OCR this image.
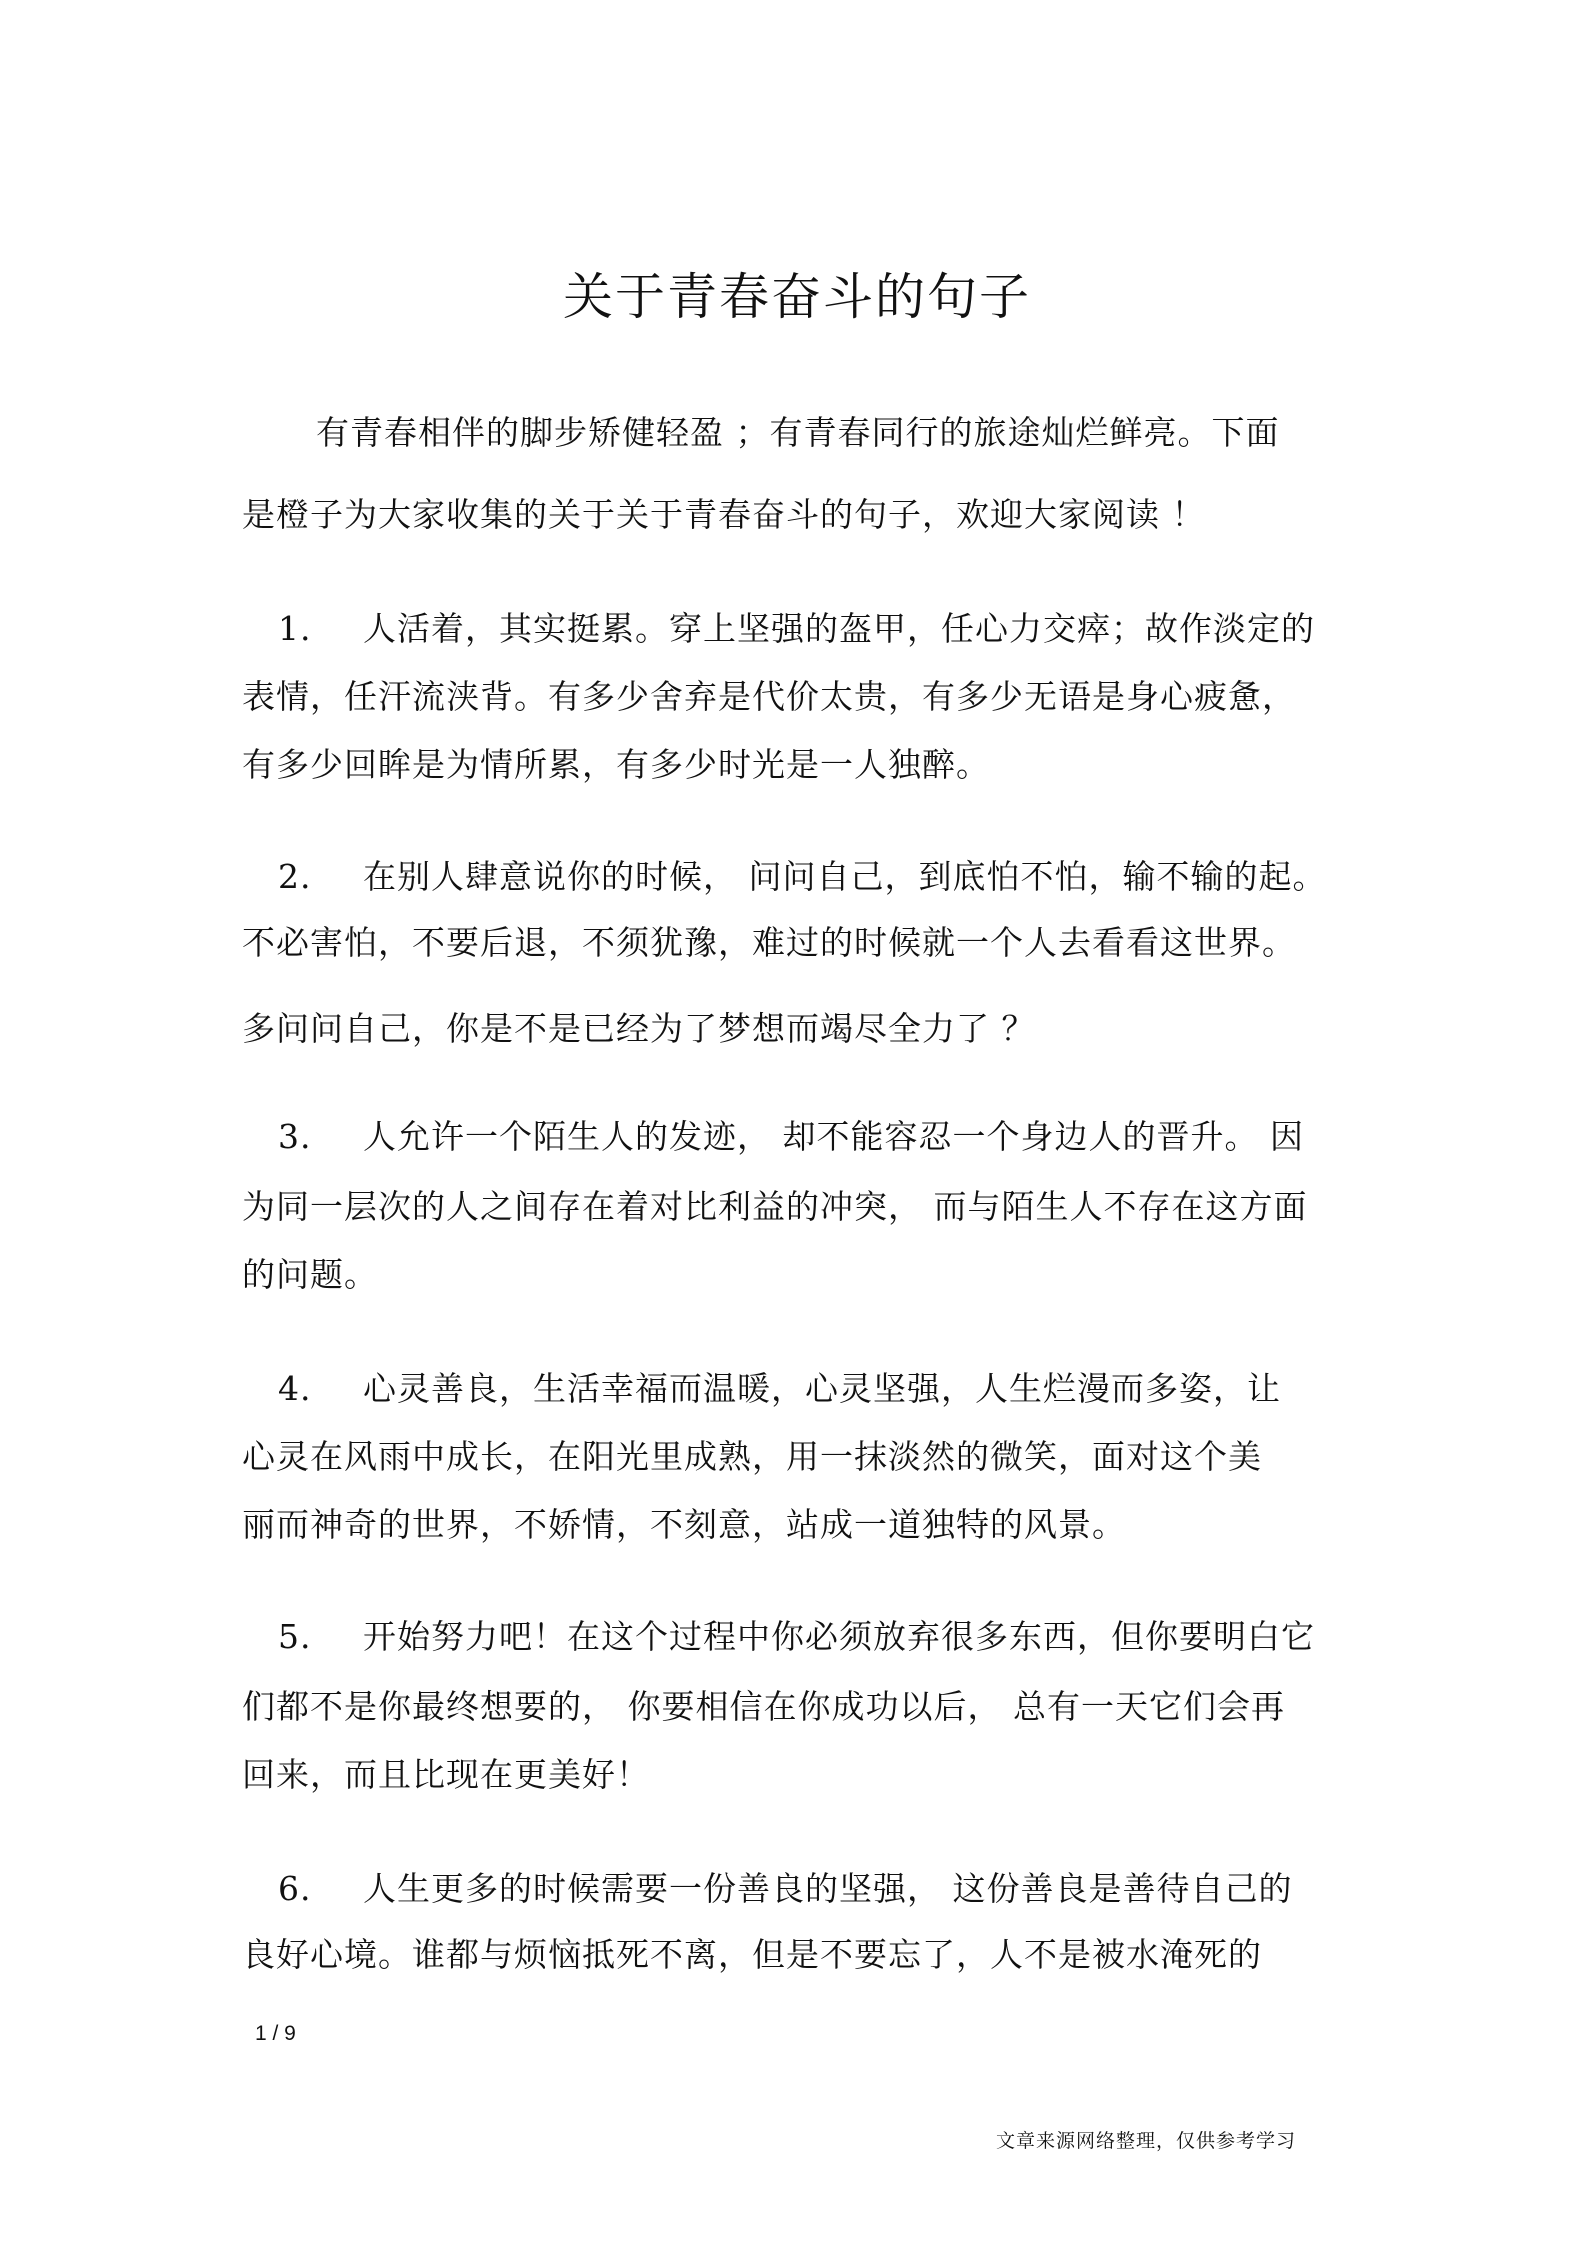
关于青春奋斗的句子
有青春相伴的脚步矫健轻盈 ；有青春同行的旅途灿烂鲜亮。下面
是橙子为大家收集的关于关于青春奋斗的句子，欢迎大家阅读 ！
1. 人活着，其实挺累。穿上坚强的盔甲，任心力交瘁；故作淡定的
表情，任汗流浃背。有多少舍弃是代价太贵，有多少无语是身心疲惫，
有多少回眸是为情所累，有多少时光是一人独醉。
2. 在别人肆意说你的时候， 问问自己，到底怕不怕，输不输的起。
不必害怕，不要后退，不须犹豫，难过的时候就一个人去看看这世界。
多问问自己，你是不是已经为了梦想而竭尽全力了 ？
3. 人允许一个陌生人的发迹， 却不能容忍一个身边人的晋升。 因
为同一层次的人之间存在着对比利益的冲突， 而与陌生人不存在这方面
的问题。
4. 心灵善良，生活幸福而温暖，心灵坚强，人生烂漫而多姿，让
心灵在风雨中成长，在阳光里成熟，用一抹淡然的微笑，面对这个美
丽而神奇的世界，不娇情，不刻意，站成一道独特的风景。
5. 开始努力吧！在这个过程中你必须放弃很多东西，但你要明白它
们都不是你最终想要的， 你要相信在你成功以后， 总有一天它们会再
回来，而且比现在更美好！
6. 人生更多的时候需要一份善良的坚强， 这份善良是善待自己的
良好心境。谁都与烦恼抵死不离，但是不要忘了，人不是被水淹死的
1 / 9
文章来源网络整理，仅供参考学习
